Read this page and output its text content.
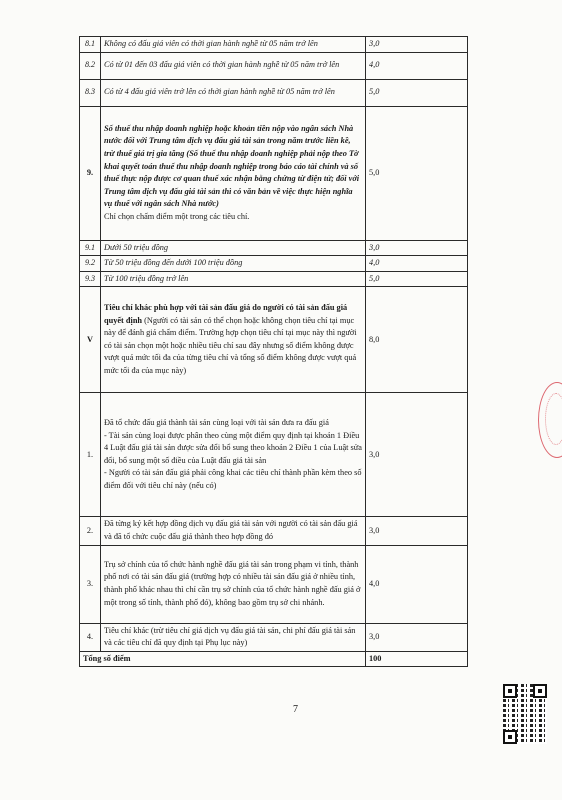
8.1	Không có đấu giá viên có thời gian hành nghề từ 05 năm trở lên	3,0
8.2	Có từ 01 đến 03 đấu giá viên có thời gian hành nghề từ 05 năm trở lên	4,0
8.3	Có từ 4 đấu giá viên trở lên có thời gian hành nghề từ 05 năm trở lên	5,0
9.	Số thuế thu nhập doanh nghiệp hoặc khoản tiền nộp vào ngân sách Nhà nước đối với Trung tâm dịch vụ đấu giá tài sản trong năm trước liền kề, trừ thuế giá trị gia tăng (Số thuế thu nhập doanh nghiệp phải nộp theo Tờ khai quyết toán thuế thu nhập doanh nghiệp trong báo cáo tài chính và số thuế thực nộp được cơ quan thuế xác nhận bằng chứng từ điện tử; đối với Trung tâm dịch vụ đấu giá tài sản thì có văn bản về việc thực hiện nghĩa vụ thuế với ngân sách Nhà nước)
Chỉ chọn chấm điểm một trong các tiêu chí.	5,0
9.1	Dưới 50 triệu đồng	3,0
9.2	Từ 50 triệu đồng đến dưới 100 triệu đồng	4,0
9.3	Từ 100 triệu đồng trở lên	5,0
V	Tiêu chí khác phù hợp với tài sản đấu giá do người có tài sản đấu giá quyết định (Người có tài sản có thể chọn hoặc không chọn tiêu chí tại mục này để đánh giá chấm điểm. Trường hợp chọn tiêu chí tại mục này thì người có tài sản chọn một hoặc nhiều tiêu chí sau đây nhưng số điểm không được vượt quá mức tối đa của từng tiêu chí và tổng số điểm không được vượt quá mức tối đa của mục này)	8,0
1.	Đã tổ chức đấu giá thành tài sản cùng loại với tài sản đưa ra đấu giá
- Tài sản cùng loại được phân theo cùng một điểm quy định tại khoản 1 Điều 4 Luật đấu giá tài sản được sửa đổi bổ sung theo khoản 2 Điều 1 của Luật sửa đổi, bổ sung một số điều của Luật đấu giá tài sản
- Người có tài sản đấu giá phải công khai các tiêu chí thành phần kèm theo số điểm đối với tiêu chí này (nếu có)	3,0
2.	Đã từng ký kết hợp đồng dịch vụ đấu giá tài sản với người có tài sản đấu giá và đã tổ chức cuộc đấu giá thành theo hợp đồng đó	3,0
3.	Trụ sở chính của tổ chức hành nghề đấu giá tài sản trong phạm vi tỉnh, thành phố nơi có tài sản đấu giá (trường hợp có nhiều tài sản đấu giá ở nhiều tỉnh, thành phố khác nhau thì chỉ cần trụ sở chính của tổ chức hành nghề đấu giá ở một trong số tỉnh, thành phố đó), không bao gồm trụ sở chi nhánh.	4,0
4.	Tiêu chí khác (trừ tiêu chí giá dịch vụ đấu giá tài sản, chi phí đấu giá tài sản và các tiêu chí đã quy định tại Phụ lục này)	3,0
Tổng số điểm		100
7
